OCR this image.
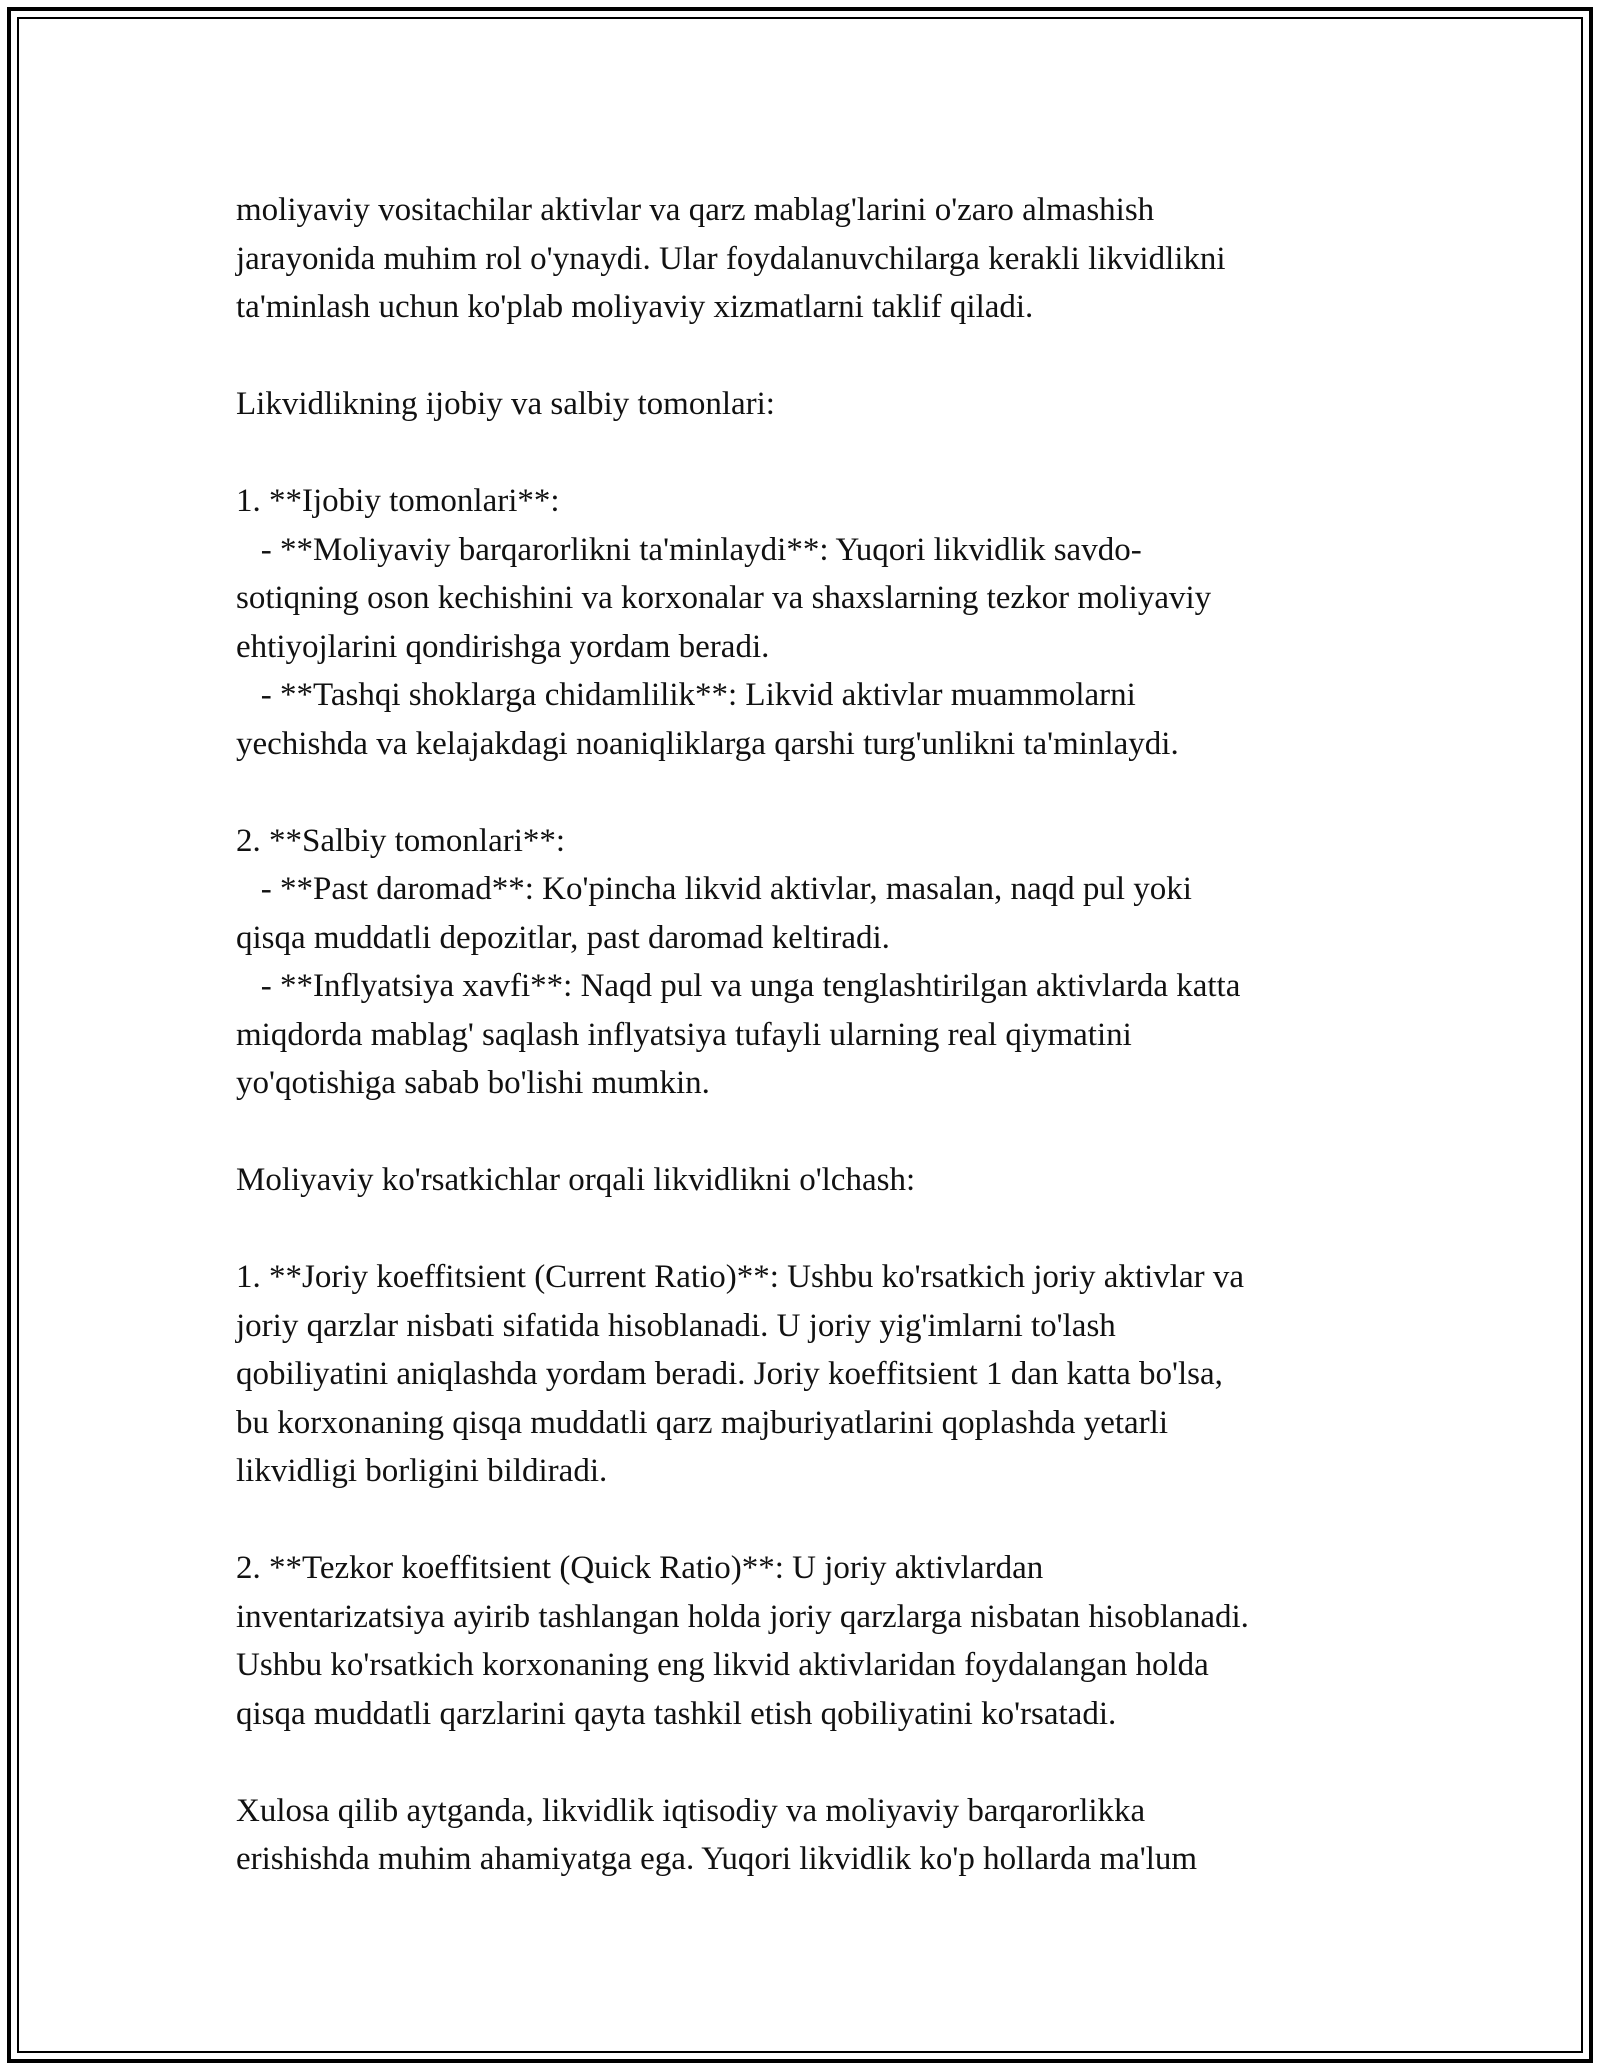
moliyaviy vositachilar aktivlar va qarz mablag'larini o'zaro almashish
jarayonida muhim rol o'ynaydi. Ular foydalanuvchilarga kerakli likvidlikni
ta'minlash uchun ko'plab moliyaviy xizmatlarni taklif qiladi.
Likvidlikning ijobiy va salbiy tomonlari:
1. **Ijobiy tomonlari**:
- **Moliyaviy barqarorlikni ta'minlaydi**: Yuqori likvidlik savdo-
sotiqning oson kechishini va korxonalar va shaxslarning tezkor moliyaviy
ehtiyojlarini qondirishga yordam beradi.
- **Tashqi shoklarga chidamlilik**: Likvid aktivlar muammolarni
yechishda va kelajakdagi noaniqliklarga qarshi turg'unlikni ta'minlaydi.
2. **Salbiy tomonlari**:
- **Past daromad**: Ko'pincha likvid aktivlar, masalan, naqd pul yoki
qisqa muddatli depozitlar, past daromad keltiradi.
- **Inflyatsiya xavfi**: Naqd pul va unga tenglashtirilgan aktivlarda katta
miqdorda mablag' saqlash inflyatsiya tufayli ularning real qiymatini
yo'qotishiga sabab bo'lishi mumkin.
Moliyaviy ko'rsatkichlar orqali likvidlikni o'lchash:
1. **Joriy koeffitsient (Current Ratio)**: Ushbu ko'rsatkich joriy aktivlar va
joriy qarzlar nisbati sifatida hisoblanadi. U joriy yig'imlarni to'lash
qobiliyatini aniqlashda yordam beradi. Joriy koeffitsient 1 dan katta bo'lsa,
bu korxonaning qisqa muddatli qarz majburiyatlarini qoplashda yetarli
likvidligi borligini bildiradi.
2. **Tezkor koeffitsient (Quick Ratio)**: U joriy aktivlardan
inventarizatsiya ayirib tashlangan holda joriy qarzlarga nisbatan hisoblanadi.
Ushbu ko'rsatkich korxonaning eng likvid aktivlaridan foydalangan holda
qisqa muddatli qarzlarini qayta tashkil etish qobiliyatini ko'rsatadi.
Xulosa qilib aytganda, likvidlik iqtisodiy va moliyaviy barqarorlikka
erishishda muhim ahamiyatga ega. Yuqori likvidlik ko'p hollarda ma'lum
